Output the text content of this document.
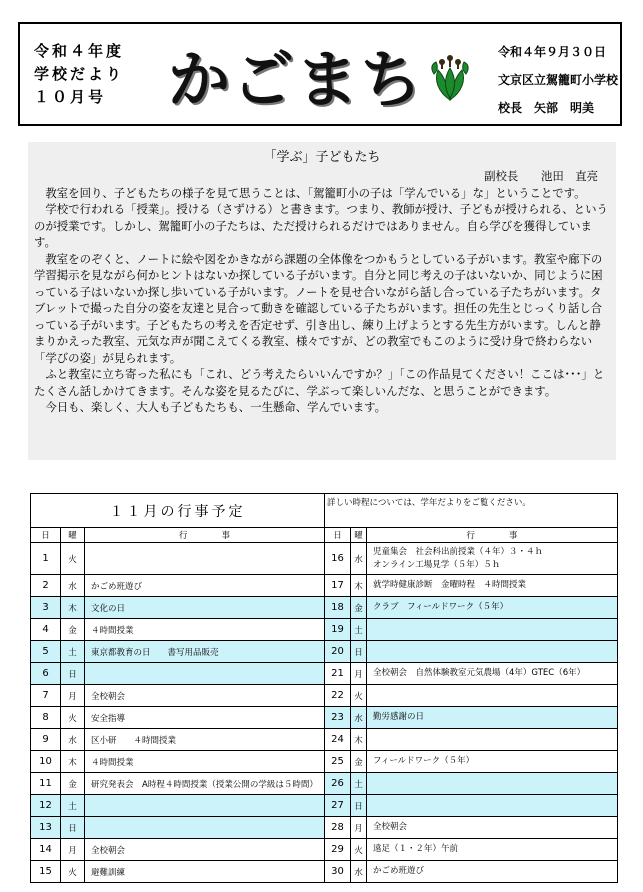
令和４年度
学校だより
１０月号 かごまち	令和４年９月３０日
文京区立駕籠町小学校
校長　矢部　明美
「学ぶ」子どもたち
副校長　　池田　直亮

教室を回り、子どもたちの様子を見て思うことは、「駕籠町小の子は「学んでいる」な」ということです。

学校で行われる「授業」。授ける（さずける）と書きます。つまり、教師が授け、子どもが授けられる、というのが授業です。しかし、駕籠町小の子たちは、ただ授けられるだけではありません。自ら学びを獲得しています。

教室をのぞくと、ノートに絵や図をかきながら課題の全体像をつかもうとしている子がいます。教室や廊下の学習掲示を見ながら何かヒントはないか探している子がいます。自分と同じ考えの子はいないか、同じように困っている子はいないか探し歩いている子がいます。ノートを見せ合いながら話し合っている子たちがいます。タブレットで撮った自分の姿を友達と見合って動きを確認している子たちがいます。担任の先生とじっくり話し合っている子がいます。子どもたちの考えを否定せず、引き出し、練り上げようとする先生方がいます。しんと静まりかえった教室、元気な声が聞こえてくる教室、様々ですが、どの教室でもこのように受け身で終わらない「学びの姿」が見られます。

ふと教室に立ち寄った私にも「これ、どう考えたらいいんですか？」「この作品見てください！ここは･･･」とたくさん話しかけてきます。そんな姿を見るたびに、学ぶって楽しいんだな、と思うことができます。

今日も、楽しく、大人も子どもたちも、一生懸命、学んでいます。

１１月の行事予定			詳しい時程については、学年だよりをご覧ください。		
日	曜	行　　　　事	日	曜	行　　　　事
1	火		16	水	児童集会　社会科出前授業（４年）３・４ｈ
オンライン工場見学（５年）５ｈ

2	水	かごめ班遊び	17	木	就学時健康診断　金曜時程　４時間授業

3	木	文化の日	18	金	クラブ　フィールドワーク（５年）

4	金	４時間授業	19	土	

5	土	東京都教育の日　　書写用品販売	20	日	

6	日		21	月	全校朝会　自然体験教室元気農場（4年）GTEC（6年）

7	月	全校朝会	22	火	

8	火	安全指導	23	水	勤労感謝の日

9	水	区小研　　４時間授業	24	木	

10	木	４時間授業	25	金	フィールドワーク（５年）

11	金	研究発表会　A時程４時間授業（授業公開の学級は５時間）	26	土	

12	土		27	日	

13	日		28	月	全校朝会

14	月	全校朝会	29	火	遠足（１・２年）午前

15	火	避難訓練	30	水	かごめ班遊び
